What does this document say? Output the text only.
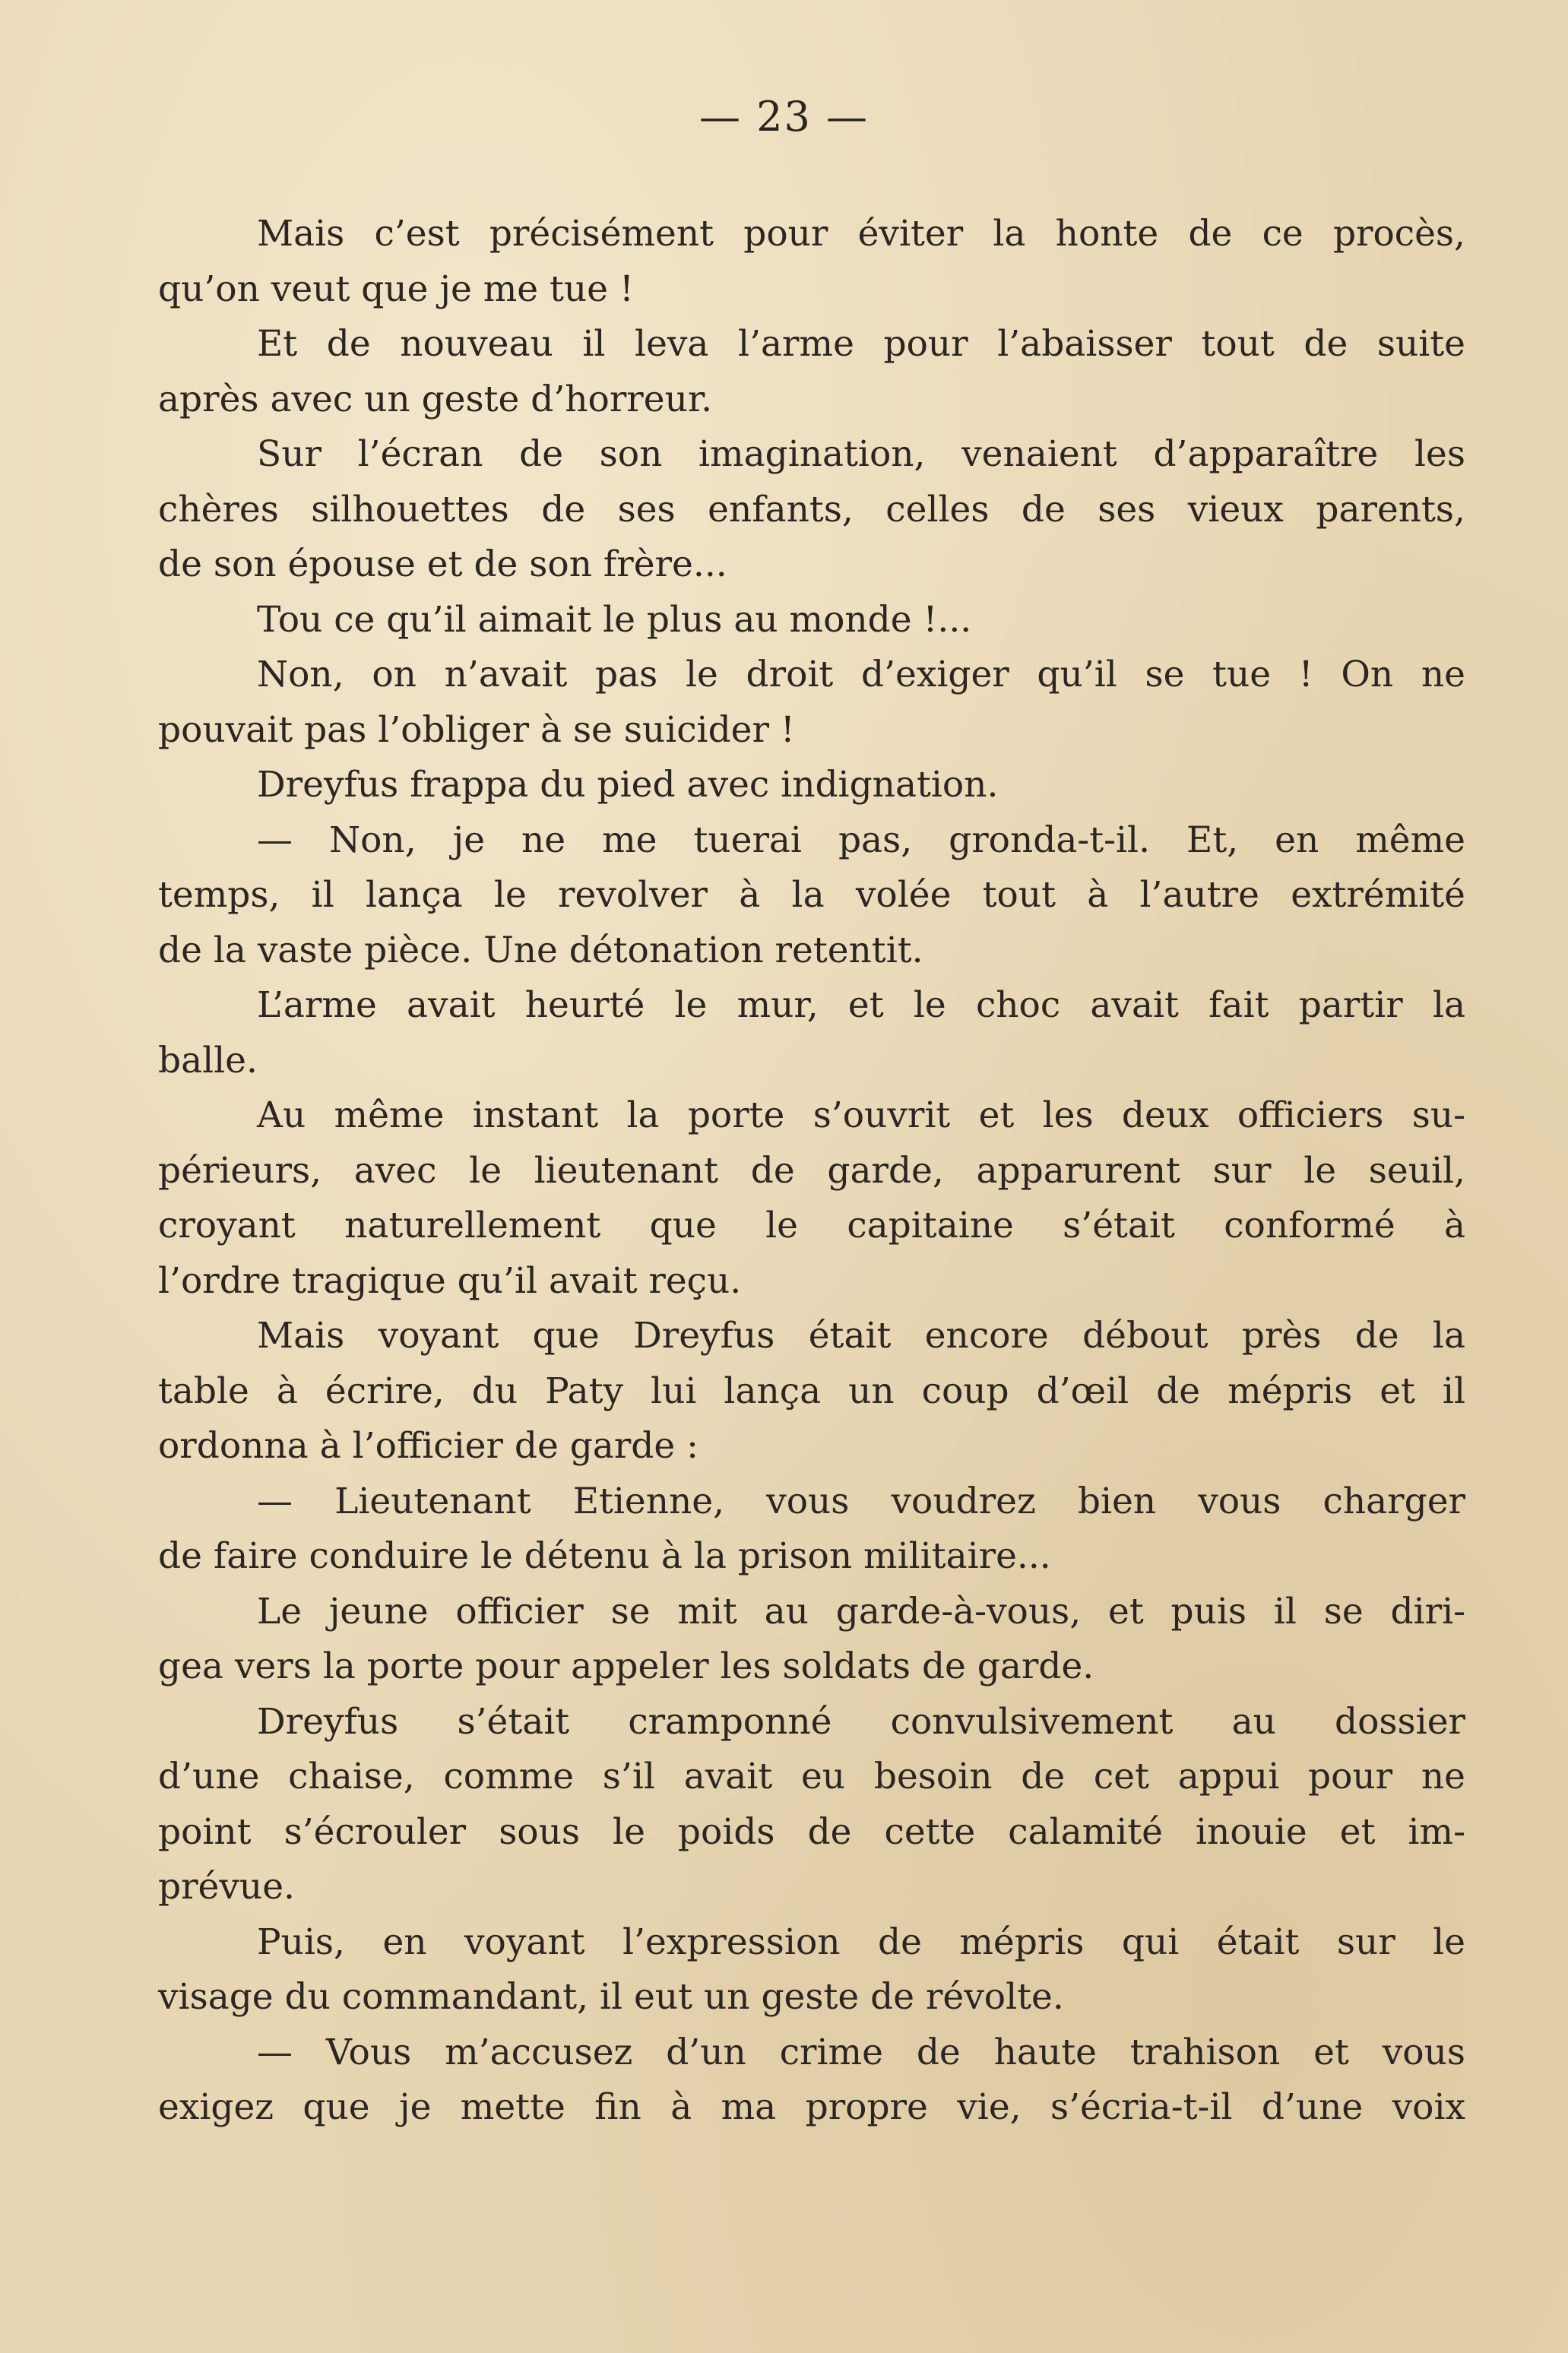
— 23 —
Mais c’est précisément pour éviter la honte de ce procès,
qu’on veut que je me tue !
Et de nouveau il leva l’arme pour l’abaisser tout de suite
après avec un geste d’horreur.
Sur l’écran de son imagination, venaient d’apparaître les
chères silhouettes de ses enfants, celles de ses vieux parents,
de son épouse et de son frère...
Tou ce qu’il aimait le plus au monde !...
Non, on n’avait pas le droit d’exiger qu’il se tue ! On ne
pouvait pas l’obliger à se suicider !
Dreyfus frappa du pied avec indignation.
— Non, je ne me tuerai pas, gronda-t-il. Et, en même
temps, il lança le revolver à la volée tout à l’autre extrémité
de la vaste pièce. Une détonation retentit.
L’arme avait heurté le mur, et le choc avait fait partir la
balle.
Au même instant la porte s’ouvrit et les deux officiers su-
périeurs, avec le lieutenant de garde, apparurent sur le seuil,
croyant naturellement que le capitaine s’était conformé à
l’ordre tragique qu’il avait reçu.
Mais voyant que Dreyfus était encore débout près de la
table à écrire, du Paty lui lança un coup d’œil de mépris et il
ordonna à l’officier de garde :
— Lieutenant Etienne, vous voudrez bien vous charger
de faire conduire le détenu à la prison militaire...
Le jeune officier se mit au garde-à-vous, et puis il se diri-
gea vers la porte pour appeler les soldats de garde.
Dreyfus s’était cramponné convulsivement au dossier
d’une chaise, comme s’il avait eu besoin de cet appui pour ne
point s’écrouler sous le poids de cette calamité inouie et im-
prévue.
Puis, en voyant l’expression de mépris qui était sur le
visage du commandant, il eut un geste de révolte.
— Vous m’accusez d’un crime de haute trahison et vous
exigez que je mette fin à ma propre vie, s’écria-t-il d’une voix
